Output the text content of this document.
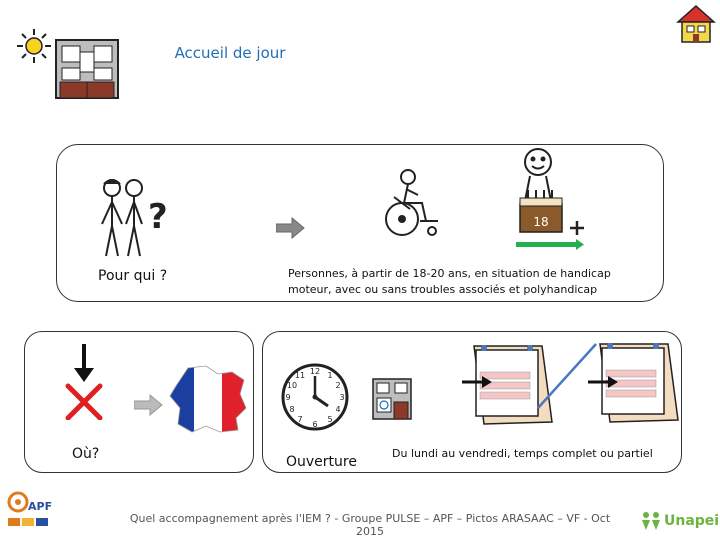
Accueil de jour
?
Pour qui ?
18
Personnes, à partir de 18-20 ans, en situation de handicap moteur, avec ou sans troubles associés et polyhandicap
Où?
12 1
2
3
4
5
6
7
8
9
10
11
Ouverture
Du lundi au vendredi, temps complet ou partiel
APF
Quel accompagnement après l'IEM ? - Groupe PULSE – APF – Pictos ARASAAC – VF - Oct 2015
Unapei
